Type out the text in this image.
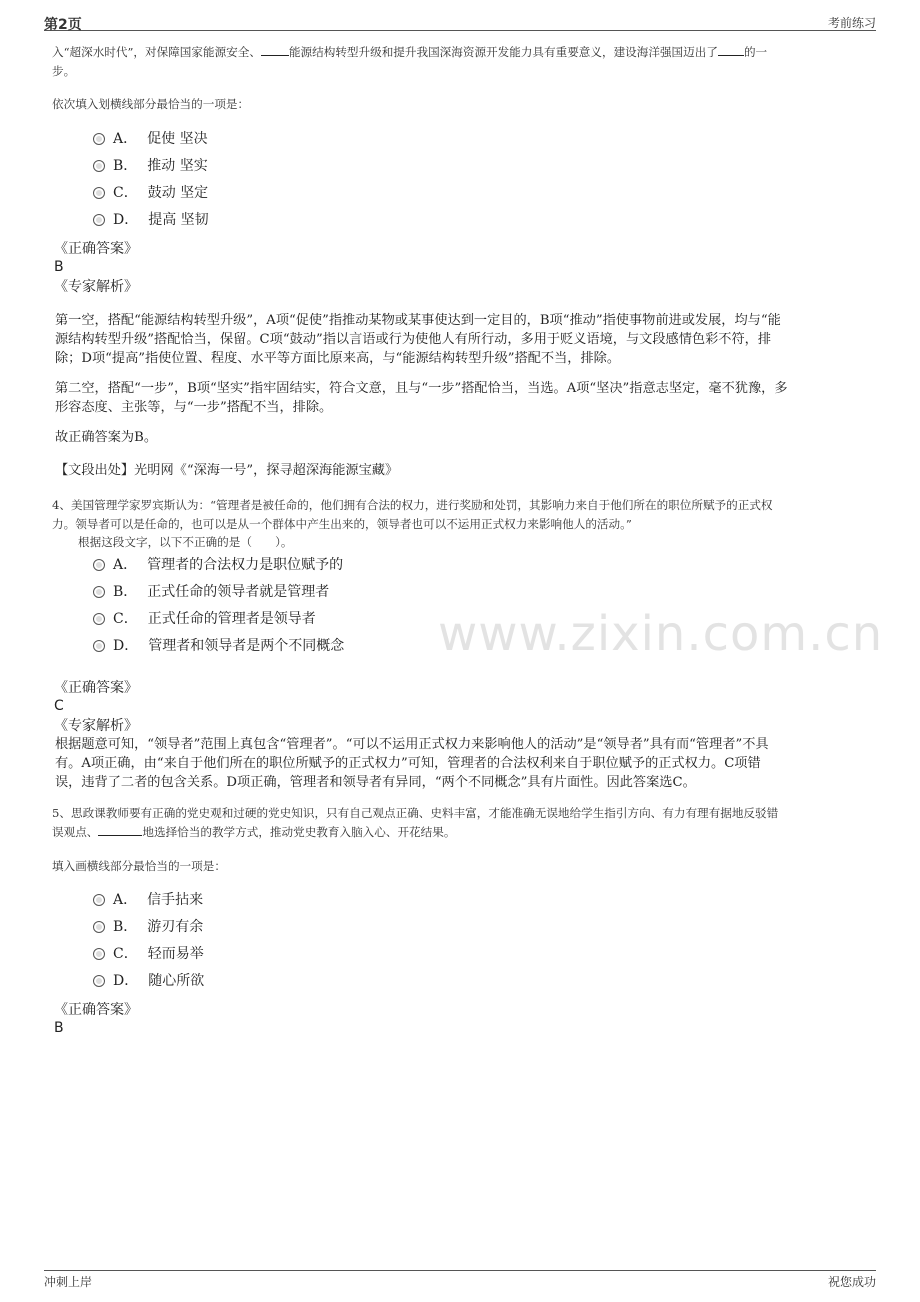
第2页	考前练习
www.zixin.com.cn

入“超深水时代”，对保障国家能源安全、 能源结构转型升级和提升我国深海资源开发能力具有重要意义，建设海洋强国迈出了 的一

步。

依次填入划横线部分最恰当的一项是：
A． 促使 坚决
B． 推动 坚实
C． 鼓动 坚定
D． 提高 坚韧
《正确答案》
B
《专家解析》

第一空，搭配“能源结构转型升级”，A项“促使”指推动某物或某事使达到一定目的，B项“推动”指使事物前进或发展，均与“能

源结构转型升级”搭配恰当，保留。C项“鼓动”指以言语或行为使他人有所行动，多用于贬义语境，与文段感情色彩不符，排

除；D项“提高”指使位置、程度、水平等方面比原来高，与“能源结构转型升级”搭配不当，排除。

第二空，搭配“一步”，B项“坚实”指牢固结实，符合文意，且与“一步”搭配恰当，当选。A项“坚决”指意志坚定，毫不犹豫，多

形容态度、主张等，与“一步”搭配不当，排除。

故正确答案为B。
【文段出处】光明网《“深海一号”，探寻超深海能源宝藏》

4、美国管理学家罗宾斯认为：“管理者是被任命的，他们拥有合法的权力，进行奖励和处罚，其影响力来自于他们所在的职位所赋予的正式权

力。领导者可以是任命的，也可以是从一个群体中产生出来的，领导者也可以不运用正式权力来影响他人的活动。”

根据这段文字，以下不正确的是（　　）。
A． 管理者的合法权力是职位赋予的
B． 正式任命的领导者就是管理者
C． 正式任命的管理者是领导者
D． 管理者和领导者是两个不同概念
《正确答案》
C
《专家解析》

根据题意可知，“领导者”范围上真包含“管理者”。“可以不运用正式权力来影响他人的活动”是“领导者”具有而“管理者”不具

有。A项正确，由“来自于他们所在的职位所赋予的正式权力”可知，管理者的合法权利来自于职位赋予的正式权力。C项错

误，违背了二者的包含关系。D项正确，管理者和领导者有异同，“两个不同概念”具有片面性。因此答案选C。

5、思政课教师要有正确的党史观和过硬的党史知识，只有自己观点正确、史料丰富，才能准确无误地给学生指引方向、有力有理有据地反驳错

误观点、	地选择恰当的教学方式，推动党史教育入脑入心、开花结果。

填入画横线部分最恰当的一项是：
A． 信手拈来
B． 游刃有余
C． 轻而易举
D． 随心所欲
《正确答案》
B
冲刺上岸	祝您成功
